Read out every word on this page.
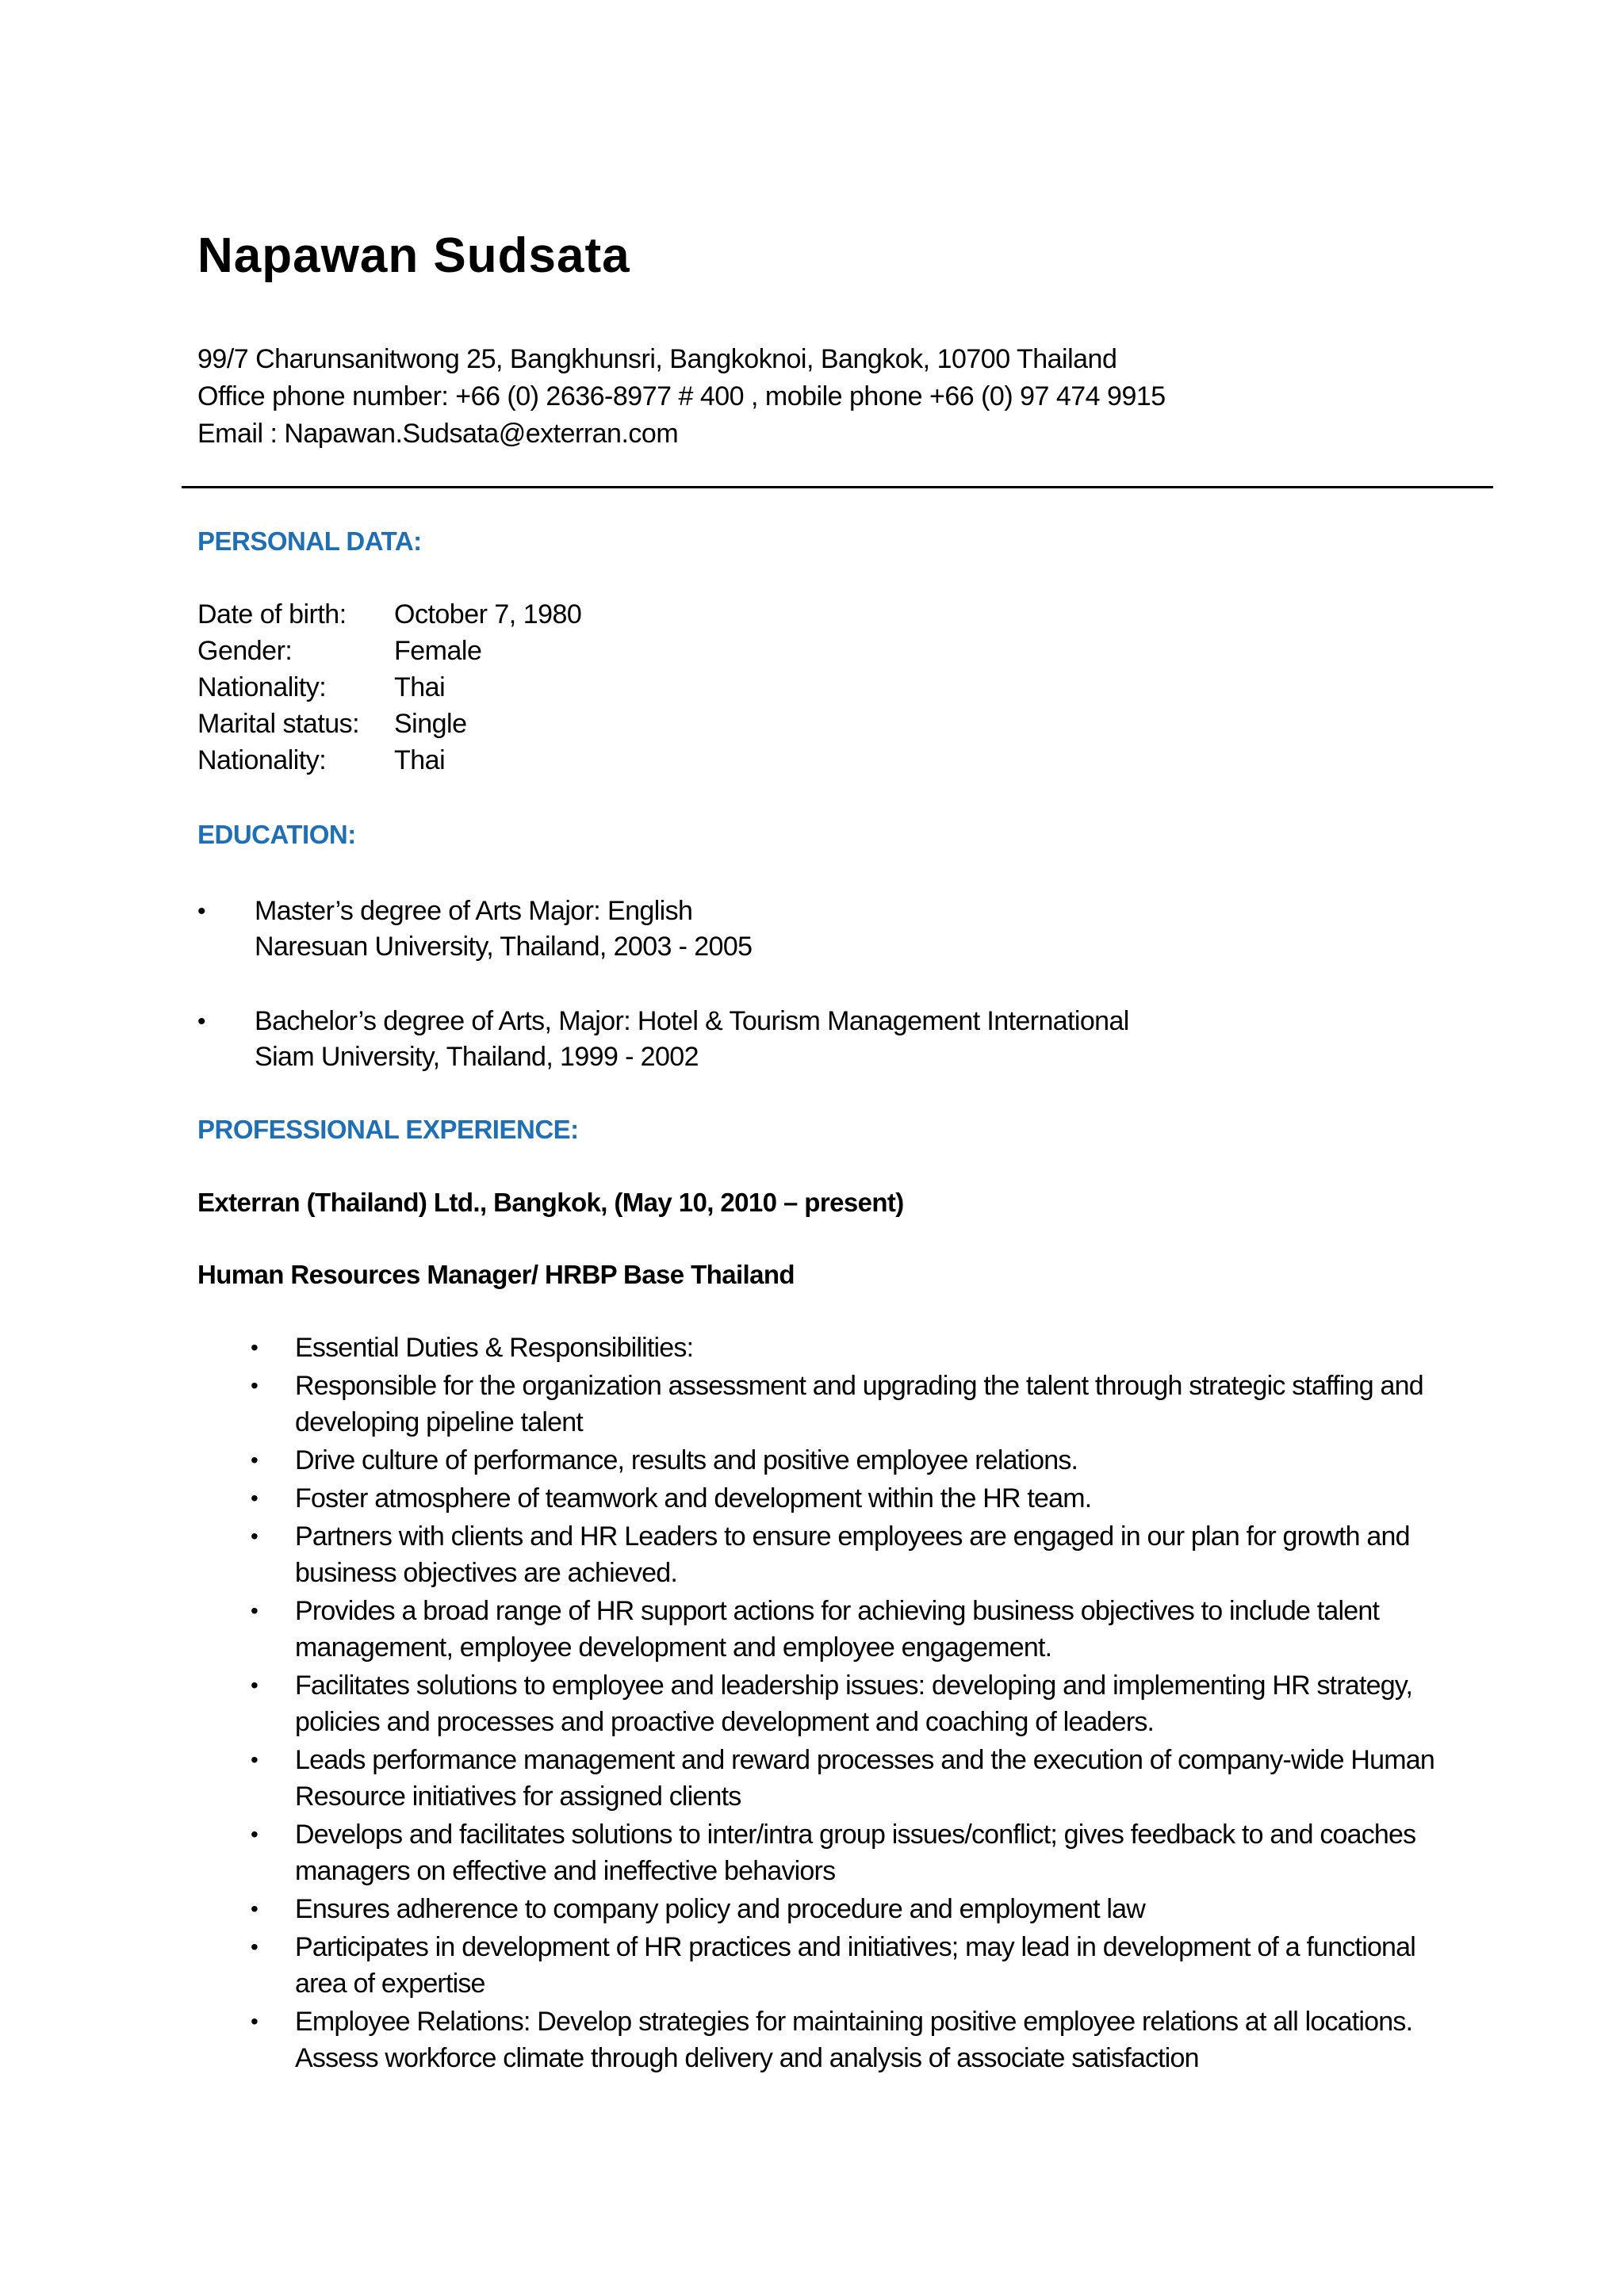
Napawan Sudsata
99/7 Charunsanitwong 25, Bangkhunsri, Bangkoknoi, Bangkok, 10700 Thailand
Office phone number: +66 (0) 2636-8977 # 400 , mobile phone +66 (0) 97 474 9915
Email : Napawan.Sudsata@exterran.com
PERSONAL DATA:
Date of birth:	October 7, 1980
Gender:	Female
Nationality:	Thai
Marital status:	Single
Nationality:	Thai
EDUCATION:
• Master’s degree of Arts Major: English
Naresuan University, Thailand, 2003 - 2005
• Bachelor’s degree of Arts, Major: Hotel & Tourism Management International
Siam University, Thailand, 1999 - 2002
PROFESSIONAL EXPERIENCE:
Exterran (Thailand) Ltd., Bangkok, (May 10, 2010 – present)
Human Resources Manager/ HRBP Base Thailand
• Essential Duties & Responsibilities:
• Responsible for the organization assessment and upgrading the talent through strategic staffing and developing pipeline talent
• Drive culture of performance, results and positive employee relations.
• Foster atmosphere of teamwork and development within the HR team.
• Partners with clients and HR Leaders to ensure employees are engaged in our plan for growth and business objectives are achieved.
• Provides a broad range of HR support actions for achieving business objectives to include talent management, employee development and employee engagement.
• Facilitates solutions to employee and leadership issues: developing and implementing HR strategy, policies and processes and proactive development and coaching of leaders.
• Leads performance management and reward processes and the execution of company-wide Human Resource initiatives for assigned clients
• Develops and facilitates solutions to inter/intra group issues/conflict; gives feedback to and coaches managers on effective and ineffective behaviors
• Ensures adherence to company policy and procedure and employment law
• Participates in development of HR practices and initiatives; may lead in development of a functional area of expertise
• Employee Relations: Develop strategies for maintaining positive employee relations at all locations. Assess workforce climate through delivery and analysis of associate satisfaction
